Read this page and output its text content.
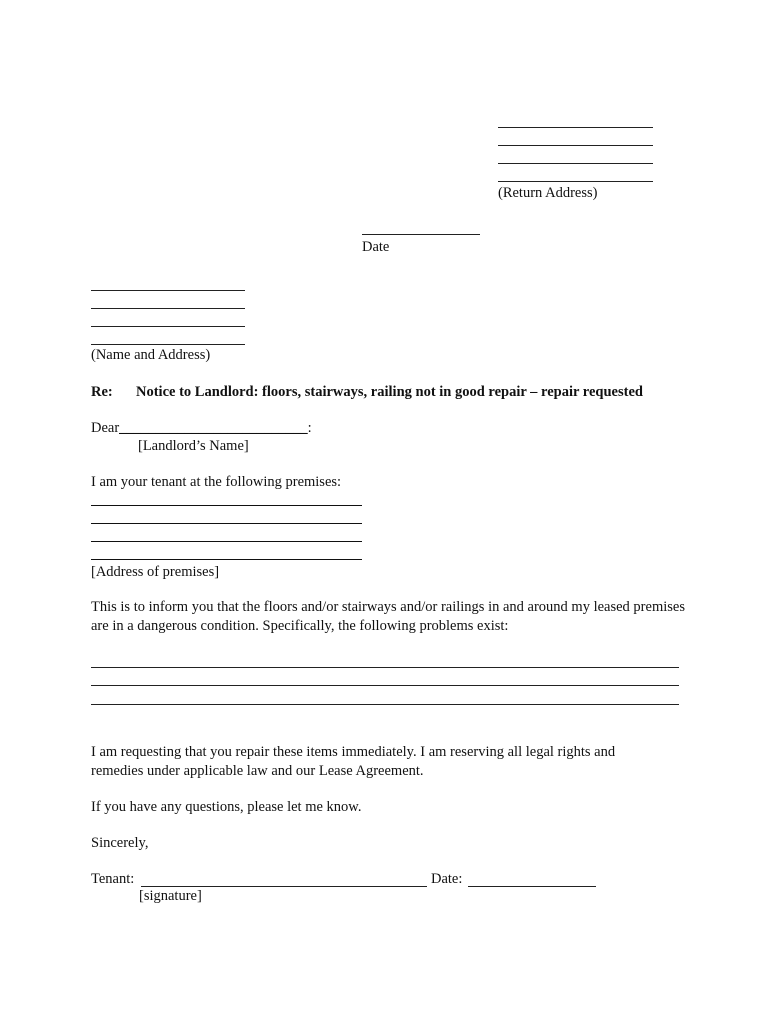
(Return Address)
Date
(Name and Address)
Re: Notice to Landlord: floors, stairways, railing not in good repair – repair requested
Dear__________________________:
[Landlord’s Name]
I am your tenant at the following premises:
[Address of premises]
This is to inform you that the floors and/or stairways and/or railings in and around my leased premises are in a dangerous condition. Specifically, the following problems exist:
I am requesting that you repair these items immediately. I am reserving all legal rights and remedies under applicable law and our Lease Agreement.
If you have any questions, please let me know.
Sincerely,
Tenant:	Date:
[signature]
